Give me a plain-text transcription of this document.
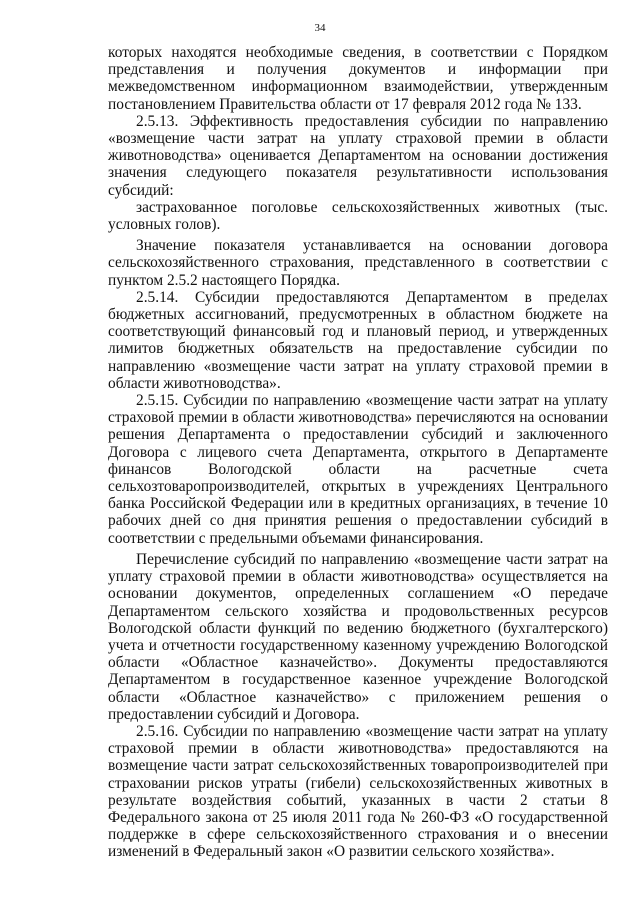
34

которых находятся необходимые сведения, в соответствии с Порядком представления и получения документов и информации при межведомственном информационном взаимодействии, утвержденным постановлением Правительства области от 17 февраля 2012 года № 133.

2.5.13. Эффективность предоставления субсидии по направлению «возмещение части затрат на уплату страховой премии в области животноводства» оценивается Департаментом на основании достижения значения следующего показателя результативности использования субсидий:

застрахованное поголовье сельскохозяйственных животных (тыс. условных голов).

Значение показателя устанавливается на основании договора сельскохозяйственного страхования, представленного в соответствии с пунктом 2.5.2 настоящего Порядка.

2.5.14. Субсидии предоставляются Департаментом в пределах бюджетных ассигнований, предусмотренных в областном бюджете на соответствующий финансовый год и плановый период, и утвержденных лимитов бюджетных обязательств на предоставление субсидии по направлению «возмещение части затрат на уплату страховой премии в области животноводства».

2.5.15. Субсидии по направлению «возмещение части затрат на уплату страховой премии в области животноводства» перечисляются на основании решения Департамента о предоставлении субсидий и заключенного Договора с лицевого счета Департамента, открытого в Департаменте финансов Вологодской области на расчетные счета сельхозтоваропроизводителей, открытых в учреждениях Центрального банка Российской Федерации или в кредитных организациях, в течение 10 рабочих дней со дня принятия решения о предоставлении субсидий в соответствии с предельными объемами финансирования.

Перечисление субсидий по направлению «возмещение части затрат на уплату страховой премии в области животноводства» осуществляется на основании документов, определенных соглашением «О передаче Департаментом сельского хозяйства и продовольственных ресурсов Вологодской области функций по ведению бюджетного (бухгалтерского) учета и отчетности государственному казенному учреждению Вологодской области «Областное казначейство». Документы предоставляются Департаментом в государственное казенное учреждение Вологодской области «Областное казначейство» с приложением решения о предоставлении субсидий и Договора.

2.5.16. Субсидии по направлению «возмещение части затрат на уплату страховой премии в области животноводства» предоставляются на возмещение части затрат сельскохозяйственных товаропроизводителей при страховании рисков утраты (гибели) сельскохозяйственных животных в результате воздействия событий, указанных в части 2 статьи 8 Федерального закона от 25 июля 2011 года № 260-ФЗ «О государственной поддержке в сфере сельскохозяйственного страхования и о внесении изменений в Федеральный закон «О развитии сельского хозяйства».
